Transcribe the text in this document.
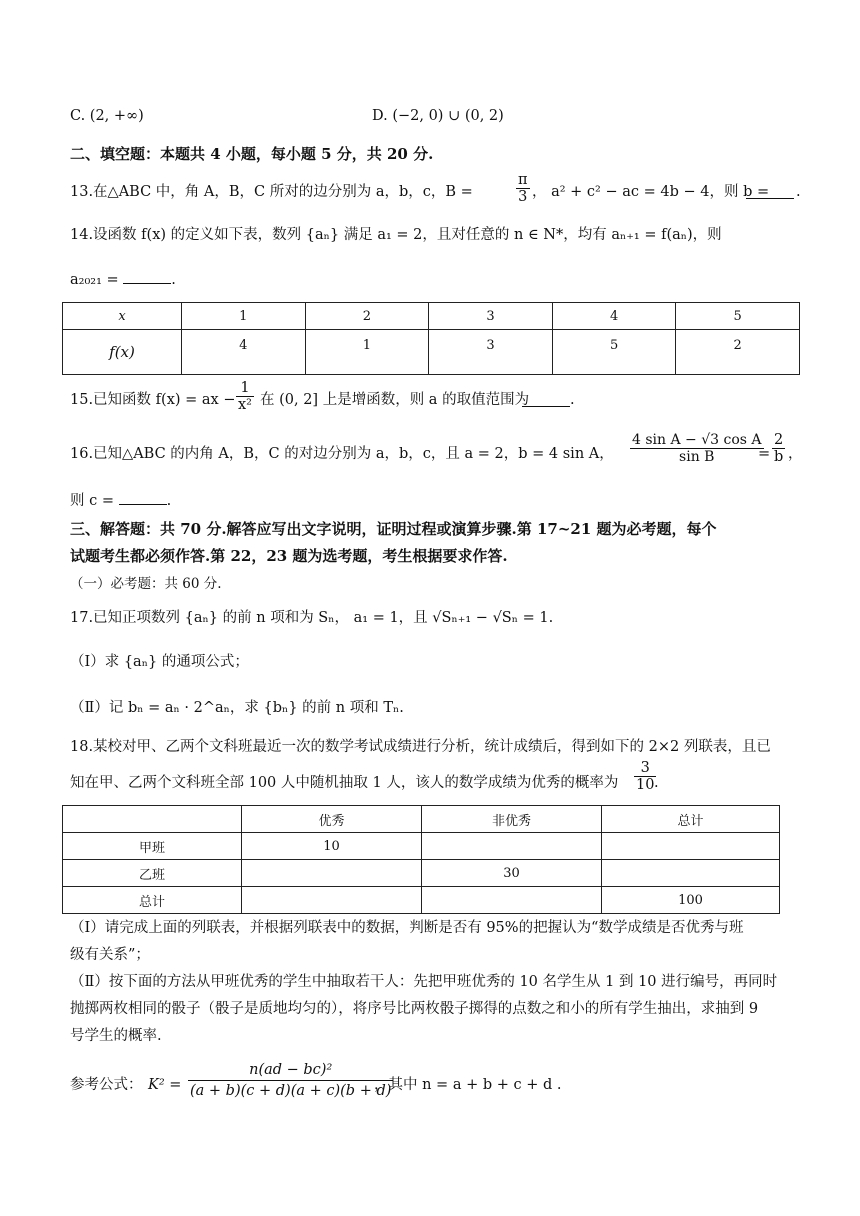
C. (2, +∞)	D. (−2, 0) ∪ (0, 2)
二、填空题：本题共 4 小题，每小题 5 分，共 20 分.
13.在△ABC 中，角 A，B，C 所对的边分别为 a，b，c，B =	$\frac{\pi}{3}$ ， a² + c² − ac = 4b − 4，则 b = .
14.设函数 f(x) 的定义如下表，数列 {aₙ} 满足 a₁ = 2，且对任意的 n ∈ N*，均有 aₙ₊₁ = f(aₙ)，则
a₂₀₂₁ =	.
x	1	2	3	4	5
f(x)	4	1	3	5	2
15.已知函数 f(x) = ax − $\frac{1}{\text{x²}}$ 在 (0, 2] 上是增函数，则 a 的取值范围为	.
16.已知△ABC 的内角 A，B，C 的对边分别为 a，b，c，且 a = 2，b = 4 sin A， $\frac{\text{4 sin A − √3 cos A}}{\text{sin B}}$
= $\frac{2}{b}$ ，
则 c =	.
三、解答题：共 70 分.解答应写出文字说明，证明过程或演算步骤.第 17~21 题为必考题，每个
试题考生都必须作答.第 22，23 题为选考题，考生根据要求作答.
（一）必考题：共 60 分.
17.已知正项数列 {aₙ} 的前 n 项和为 Sₙ， a₁ = 1，且 √Sₙ₊₁ − √Sₙ = 1.
（Ⅰ）求 {aₙ} 的通项公式；
（Ⅱ）记 bₙ = aₙ · 2^aₙ，求 {bₙ} 的前 n 项和 Tₙ.
18.某校对甲、乙两个文科班最近一次的数学考试成绩进行分析，统计成绩后，得到如下的 2×2 列联表，且已
知在甲、乙两个文科班全部 100 人中随机抽取 1 人，该人的数学成绩为优秀的概率为 $\frac{3}{10}$
.
	优秀	非优秀	总计
甲班	10		
乙班		30	
总计			100
（Ⅰ）请完成上面的列联表，并根据列联表中的数据，判断是否有 95%的把握认为“数学成绩是否优秀与班
级有关系”；
（Ⅱ）按下面的方法从甲班优秀的学生中抽取若干人：先把甲班优秀的 10 名学生从 1 到 10 进行编号，再同时
抛掷两枚相同的骰子（骰子是质地均匀的），将序号比两枚骰子掷得的点数之和小的所有学生抽出，求抽到 9
号学生的概率.
参考公式： $K^2 = \frac{\text{n(ad − bc)²}}{(a + b)(c + d)(a + c)(b + d)}$
，其中 n = a + b + c + d .
